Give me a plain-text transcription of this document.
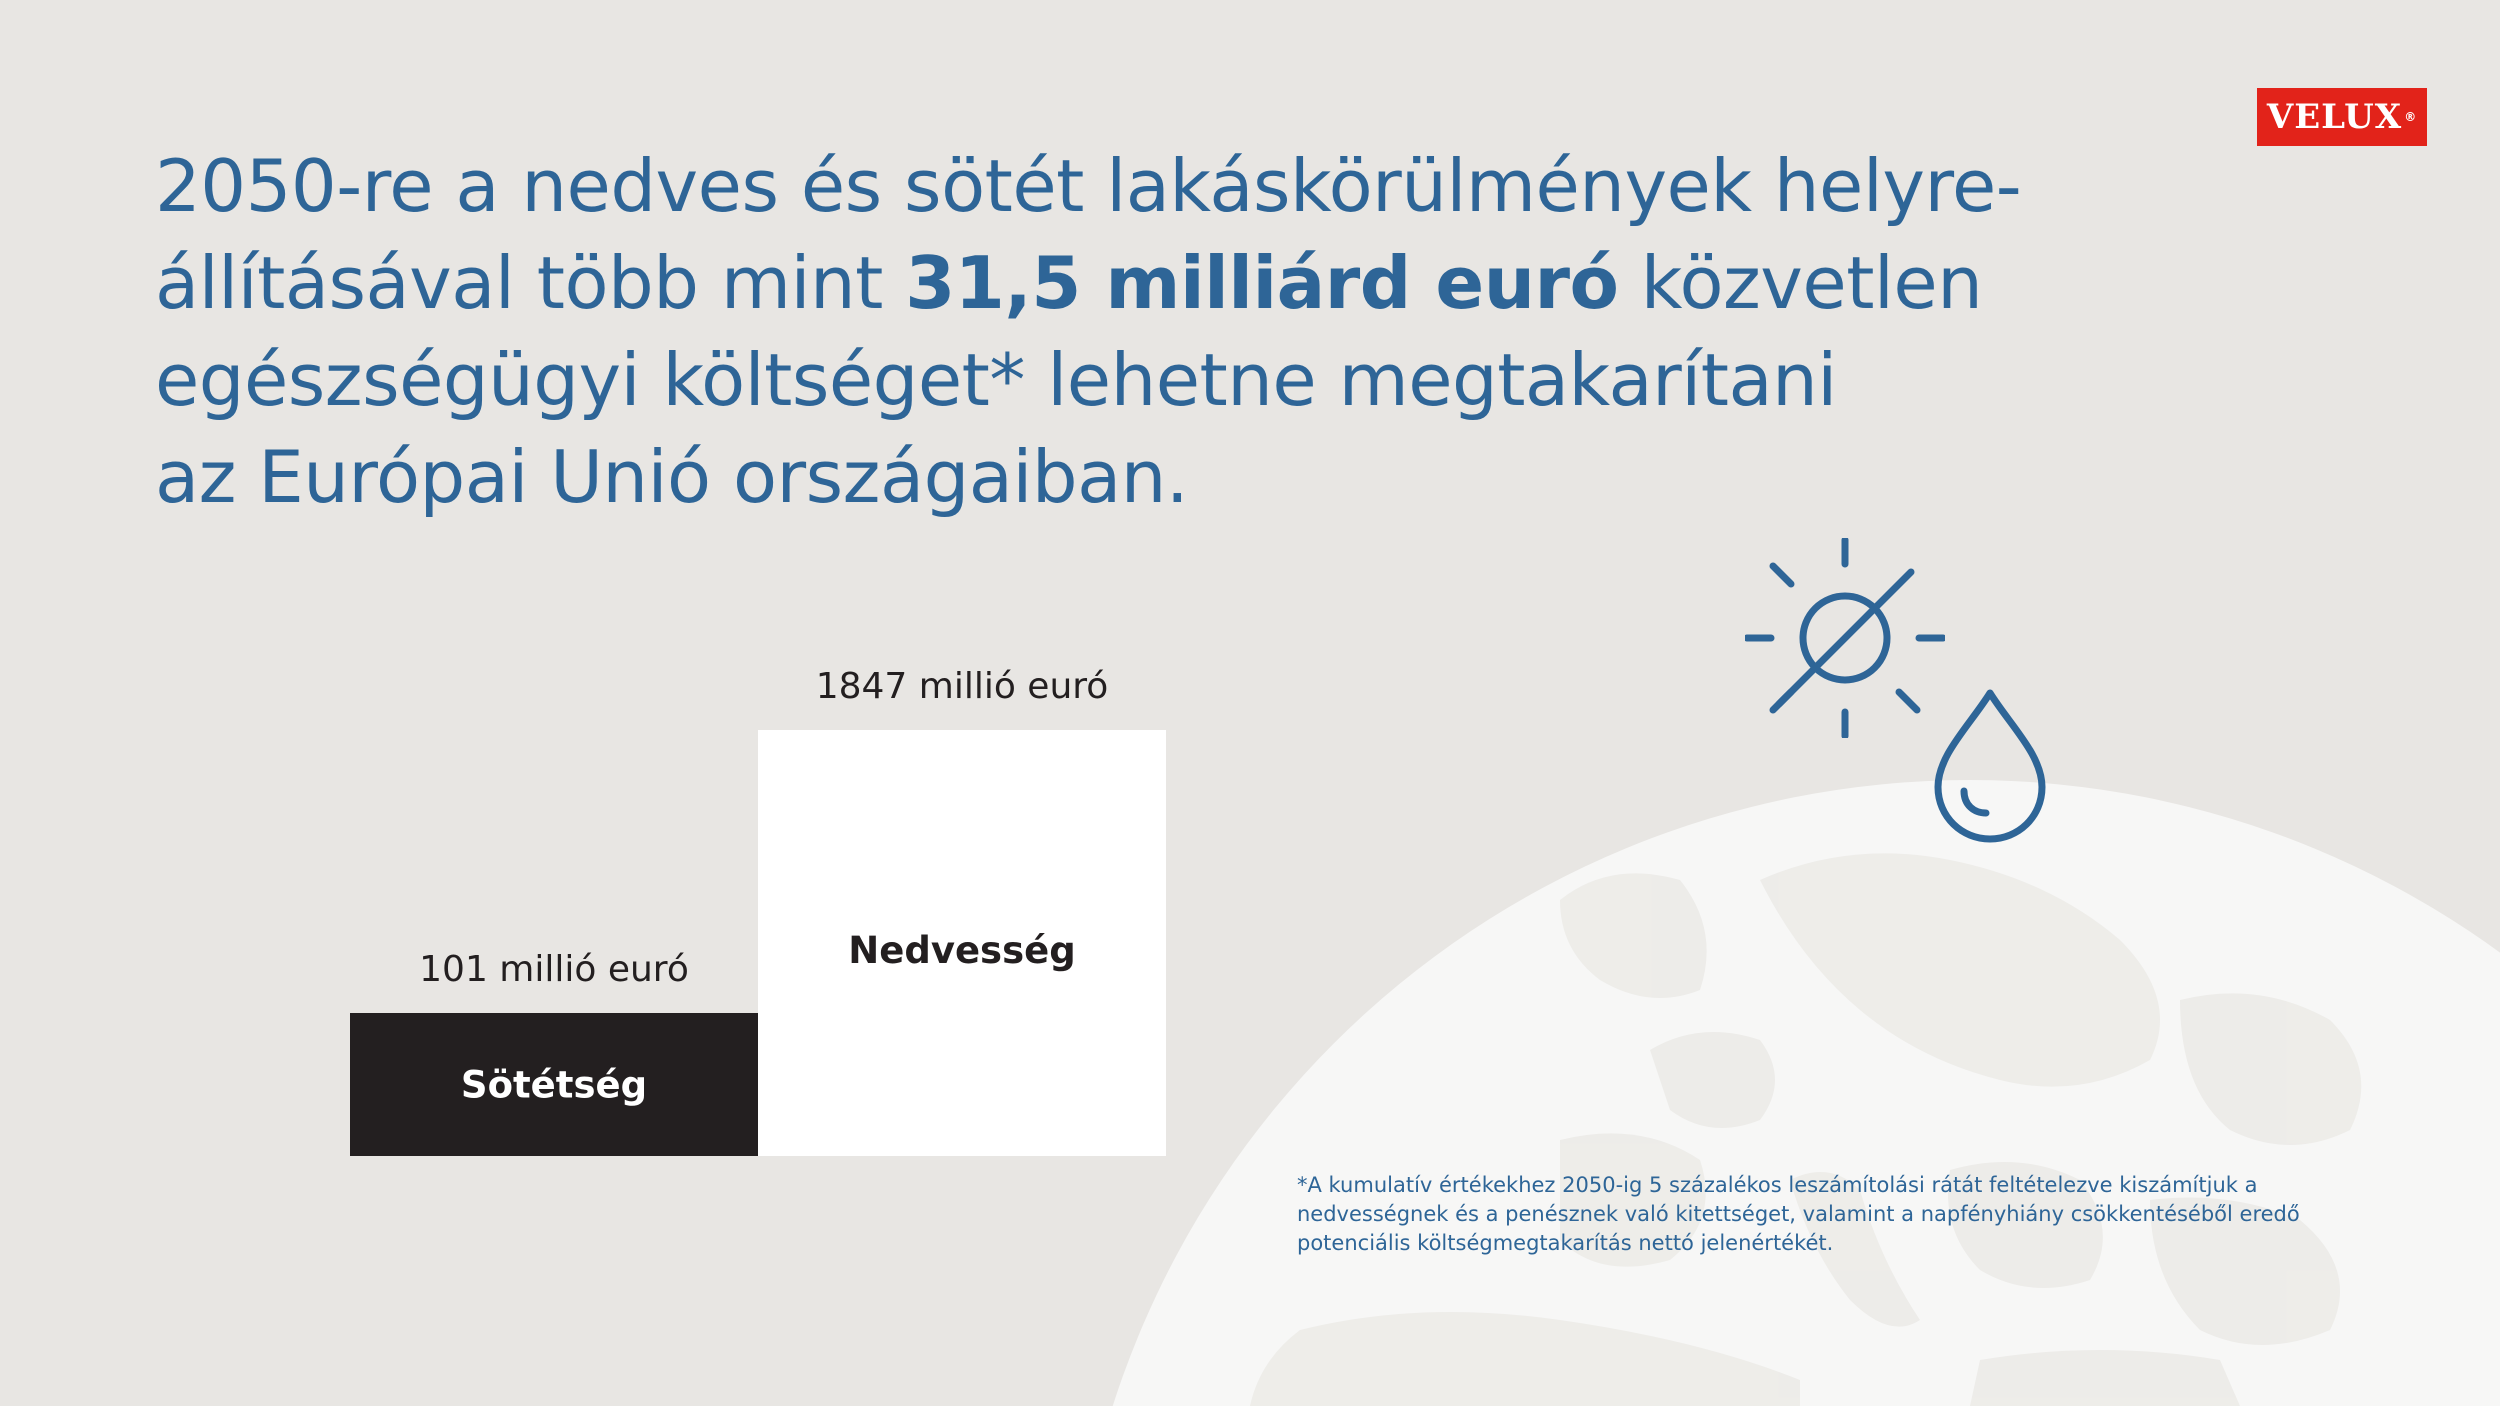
VELUX ®
2050-re a nedves és sötét lakáskörülmények helyre-
állításával több mint 31,5 milliárd euró közvetlen
egészségügyi költséget* lehetne megtakarítani
az Európai Unió országaiban.
Sötétség
101 millió euró	Nedvesség
1847 millió euró

*A kumulatív értékekhez 2050-ig 5 százalékos leszámítolási rátát feltételezve kiszámítjuk a nedvességnek és a penésznek való kitettséget, valamint a napfényhiány csökkentéséből eredő potenciális költségmegtakarítás nettó jelenértékét.
